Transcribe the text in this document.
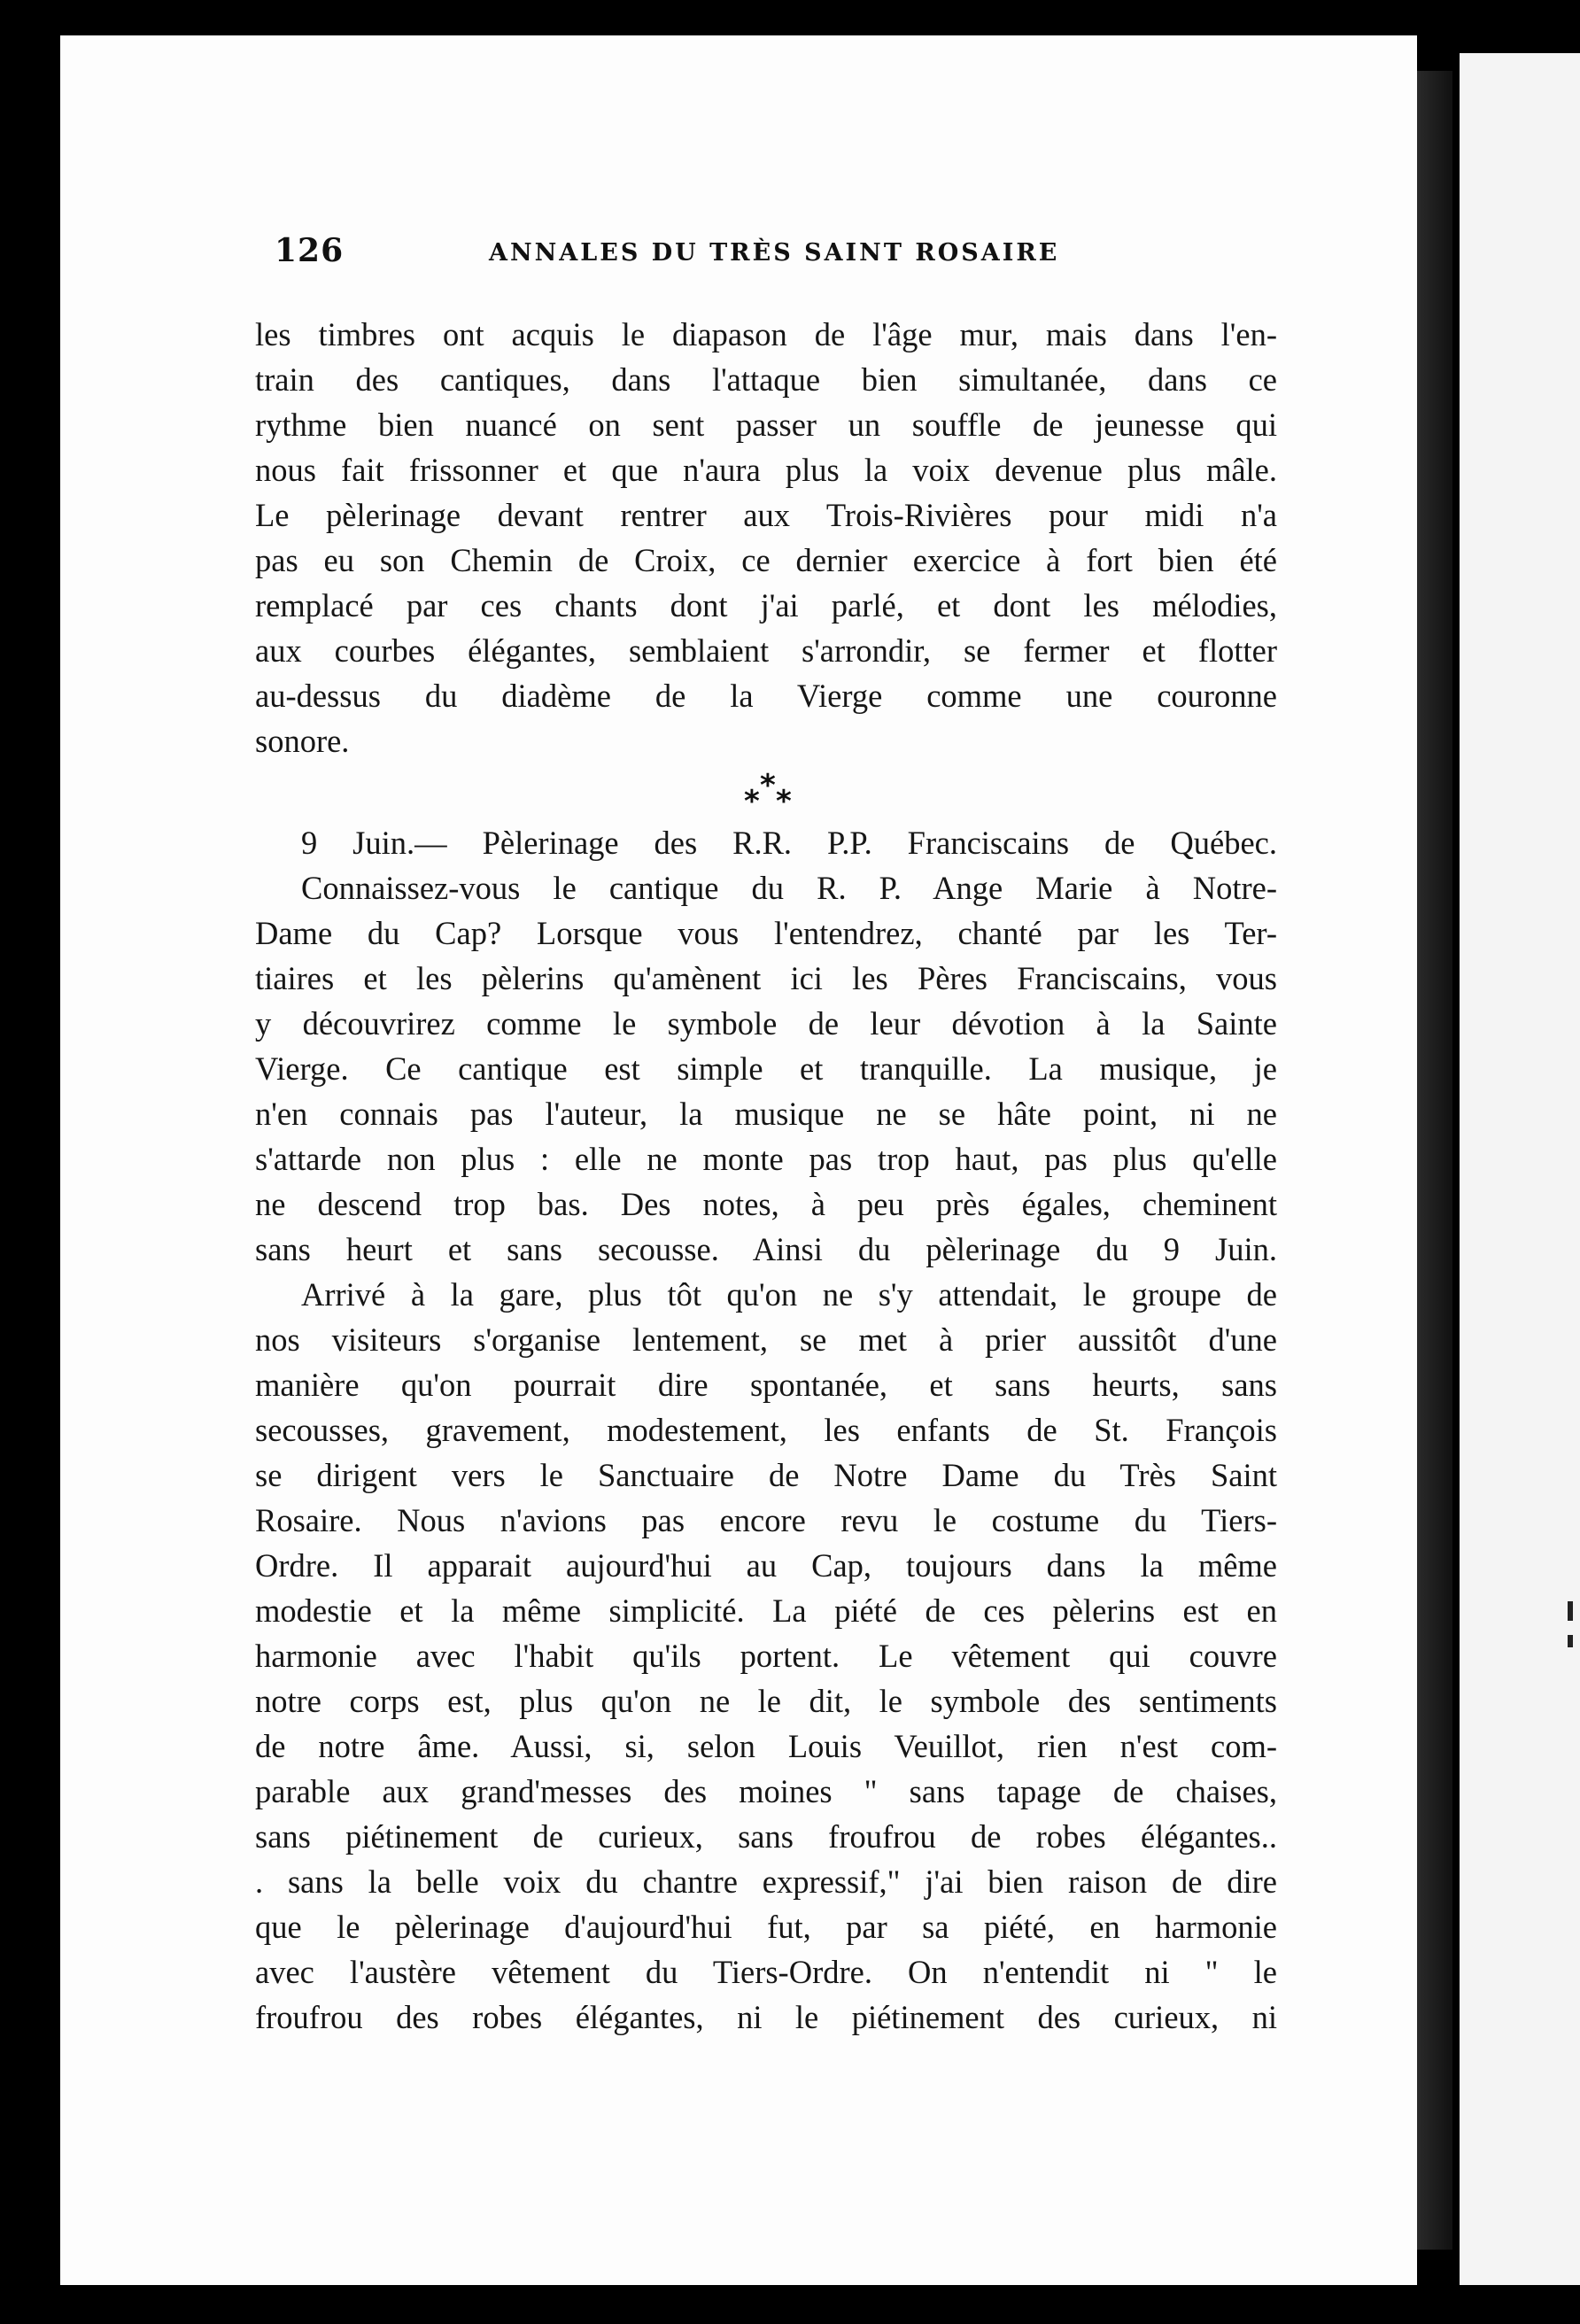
126	ANNALES DU TRÈS SAINT ROSAIRE
les timbres ont acquis le diapason de l'âge mur, mais dans l'en-
train des cantiques, dans l'attaque bien simultanée, dans ce
rythme bien nuancé on sent passer un souffle de jeunesse qui
nous fait frissonner et que n'aura plus la voix devenue plus mâle.
Le pèlerinage devant rentrer aux Trois-Rivières pour midi n'a
pas eu son Chemin de Croix, ce dernier exercice à fort bien été
remplacé par ces chants dont j'ai parlé, et dont les mélodies,
aux courbes élégantes, semblaient s'arrondir, se fermer et flotter
au-dessus du diadème de la Vierge comme une couronne
sonore.
* * *
9 Juin.— Pèlerinage des R.R. P.P. Franciscains de Québec.
Connaissez-vous le cantique du R. P. Ange Marie à Notre-
Dame du Cap? Lorsque vous l'entendrez, chanté par les Ter-
tiaires et les pèlerins qu'amènent ici les Pères Franciscains, vous
y découvrirez comme le symbole de leur dévotion à la Sainte
Vierge. Ce cantique est simple et tranquille. La musique, je
n'en connais pas l'auteur, la musique ne se hâte point, ni ne
s'attarde non plus : elle ne monte pas trop haut, pas plus qu'elle
ne descend trop bas. Des notes, à peu près égales, cheminent
sans heurt et sans secousse. Ainsi du pèlerinage du 9 Juin.
Arrivé à la gare, plus tôt qu'on ne s'y attendait, le groupe de
nos visiteurs s'organise lentement, se met à prier aussitôt d'une
manière qu'on pourrait dire spontanée, et sans heurts, sans
secousses, gravement, modestement, les enfants de St. François
se dirigent vers le Sanctuaire de Notre Dame du Très Saint
Rosaire. Nous n'avions pas encore revu le costume du Tiers-
Ordre. Il apparait aujourd'hui au Cap, toujours dans la même
modestie et la même simplicité. La piété de ces pèlerins est en
harmonie avec l'habit qu'ils portent. Le vêtement qui couvre
notre corps est, plus qu'on ne le dit, le symbole des sentiments
de notre âme. Aussi, si, selon Louis Veuillot, rien n'est com-
parable aux grand'messes des moines " sans tapage de chaises,
sans piétinement de curieux, sans froufrou de robes élégantes..
. sans la belle voix du chantre expressif," j'ai bien raison de dire
que le pèlerinage d'aujourd'hui fut, par sa piété, en harmonie
avec l'austère vêtement du Tiers-Ordre. On n'entendit ni " le
froufrou des robes élégantes, ni le piétinement des curieux, ni
